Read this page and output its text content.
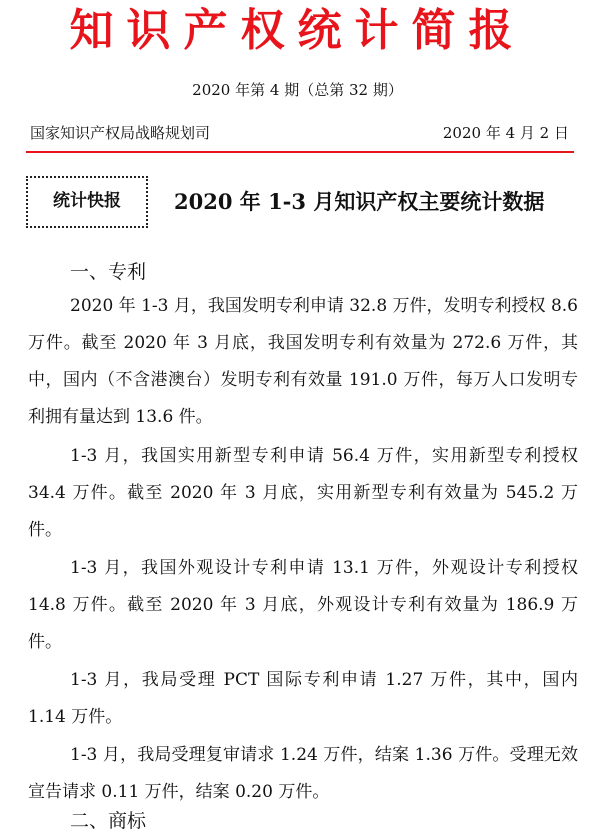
知识产权统计简报
2020 年第 4 期（总第 32 期）
国家知识产权局战略规划司	2020 年 4 月 2 日
统计快报	2020 年 1-3 月知识产权主要统计数据
一、专利

2020 年 1-3 月，我国发明专利申请 32.8 万件，发明专利授权 8.6 万件。截至 2020 年 3 月底，我国发明专利有效量为 272.6 万件，其中，国内（不含港澳台）发明专利有效量 191.0 万件，每万人口发明专利拥有量达到 13.6 件。

1-3 月，我国实用新型专利申请 56.4 万件，实用新型专利授权 34.4 万件。截至 2020 年 3 月底，实用新型专利有效量为 545.2 万件。

1-3 月，我国外观设计专利申请 13.1 万件，外观设计专利授权 14.8 万件。截至 2020 年 3 月底，外观设计专利有效量为 186.9 万件。

1-3 月，我局受理 PCT 国际专利申请 1.27 万件，其中，国内 1.14 万件。

1-3 月，我局受理复审请求 1.24 万件，结案 1.36 万件。受理无效宣告请求 0.11 万件，结案 0.20 万件。

二、商标
